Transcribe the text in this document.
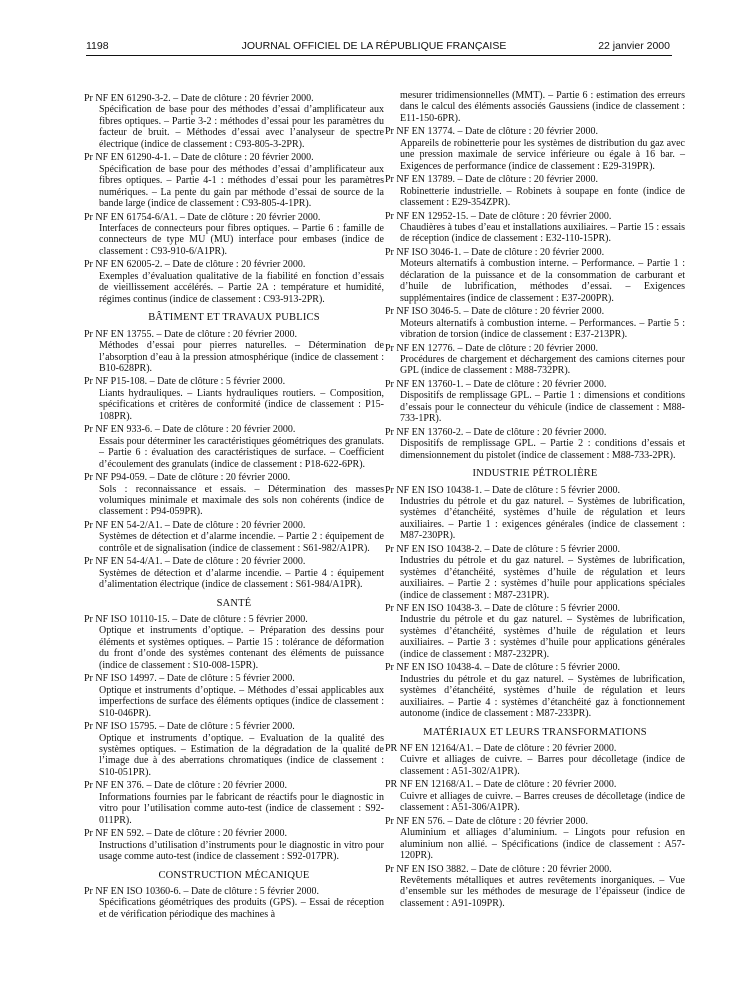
1198	JOURNAL OFFICIEL DE LA RÉPUBLIQUE FRANÇAISE	22 janvier 2000
Pr NF EN 61290-3-2. – Date de clôture : 20 février 2000.
Spécification de base pour des méthodes d’essai d’amplificateur aux fibres optiques. – Partie 3-2 : méthodes d’essai pour les paramètres du facteur de bruit. – Méthodes d’essai avec l’analyseur de spectre électrique (indice de classement : C93-805-3-2PR).
Pr NF EN 61290-4-1. – Date de clôture : 20 février 2000.
Spécification de base pour des méthodes d’essai d’amplificateur aux fibres optiques. – Partie 4-1 : méthodes d’essai pour les paramètres numériques. – La pente du gain par méthode d’essai de source de la bande large (indice de classement : C93-805-4-1PR).
Pr NF EN 61754-6/A1. – Date de clôture : 20 février 2000.
Interfaces de connecteurs pour fibres optiques. – Partie 6 : famille de connecteurs de type MU (MU) interface pour embases (indice de classement : C93-910-6/A1PR).
Pr NF EN 62005-2. – Date de clôture : 20 février 2000.
Exemples d’évaluation qualitative de la fiabilité en fonction d’essais de vieillissement accélérés. – Partie 2A : température et humidité, régimes continus (indice de classement : C93-913-2PR).
BÂTIMENT ET TRAVAUX PUBLICS
Pr NF EN 13755. – Date de clôture : 20 février 2000.
Méthodes d’essai pour pierres naturelles. – Détermination de l’absorption d’eau à la pression atmosphérique (indice de classement : B10-628PR).
Pr NF P15-108. – Date de clôture : 5 février 2000.
Liants hydrauliques. – Liants hydrauliques routiers. – Composition, spécifications et critères de conformité (indice de classement : P15-108PR).
Pr NF EN 933-6. – Date de clôture : 20 février 2000.
Essais pour déterminer les caractéristiques géométriques des granulats. – Partie 6 : évaluation des caractéristiques de surface. – Coefficient d’écoulement des granulats (indice de classement : P18-622-6PR).
Pr NF P94-059. – Date de clôture : 20 février 2000.
Sols : reconnaissance et essais. – Détermination des masses volumiques minimale et maximale des sols non cohérents (indice de classement : P94-059PR).
Pr NF EN 54-2/A1. – Date de clôture : 20 février 2000.
Systèmes de détection et d’alarme incendie. – Partie 2 : équipement de contrôle et de signalisation (indice de classement : S61-982/A1PR).
Pr NF EN 54-4/A1. – Date de clôture : 20 février 2000.
Systèmes de détection et d’alarme incendie. – Partie 4 : équipement d’alimentation électrique (indice de classement : S61-984/A1PR).
SANTÉ
Pr NF ISO 10110-15. – Date de clôture : 5 février 2000.
Optique et instruments d’optique. – Préparation des dessins pour éléments et systèmes optiques. – Partie 15 : tolérance de déformation du front d’onde des systèmes contenant des éléments de puissance (indice de classement : S10-008-15PR).
Pr NF ISO 14997. – Date de clôture : 5 février 2000.
Optique et instruments d’optique. – Méthodes d’essai applicables aux imperfections de surface des éléments optiques (indice de classement : S10-046PR).
Pr NF ISO 15795. – Date de clôture : 5 février 2000.
Optique et instruments d’optique. – Evaluation de la qualité des systèmes optiques. – Estimation de la dégradation de la qualité de l’image due à des aberrations chromatiques (indice de classement : S10-051PR).
Pr NF EN 376. – Date de clôture : 20 février 2000.
Informations fournies par le fabricant de réactifs pour le diagnostic in vitro pour l’utilisation comme auto-test (indice de classement : S92-011PR).
Pr NF EN 592. – Date de clôture : 20 février 2000.
Instructions d’utilisation d’instruments pour le diagnostic in vitro pour usage comme auto-test (indice de classement : S92-017PR).
CONSTRUCTION MÉCANIQUE
Pr NF EN ISO 10360-6. – Date de clôture : 5 février 2000.
Spécifications géométriques des produits (GPS). – Essai de réception et de vérification périodique des machines à
mesurer tridimensionnelles (MMT). – Partie 6 : estimation des erreurs dans le calcul des éléments associés Gaussiens (indice de classement : E11-150-6PR).
Pr NF EN 13774. – Date de clôture : 20 février 2000.
Appareils de robinetterie pour les systèmes de distribution du gaz avec une pression maximale de service inférieure ou égale à 16 bar. – Exigences de performance (indice de classement : E29-319PR).
Pr NF EN 13789. – Date de clôture : 20 février 2000.
Robinetterie industrielle. – Robinets à soupape en fonte (indice de classement : E29-354ZPR).
Pr NF EN 12952-15. – Date de clôture : 20 février 2000.
Chaudières à tubes d’eau et installations auxiliaires. – Partie 15 : essais de réception (indice de classement : E32-110-15PR).
Pr NF ISO 3046-1. – Date de clôture : 20 février 2000.
Moteurs alternatifs à combustion interne. – Performance. – Partie 1 : déclaration de la puissance et de la consommation de carburant et d’huile de lubrification, méthodes d’essai. – Exigences supplémentaires (indice de classement : E37-200PR).
Pr NF ISO 3046-5. – Date de clôture : 20 février 2000.
Moteurs alternatifs à combustion interne. – Performances. – Partie 5 : vibration de torsion (indice de classement : E37-213PR).
Pr NF EN 12776. – Date de clôture : 20 février 2000.
Procédures de chargement et déchargement des camions citernes pour GPL (indice de classement : M88-732PR).
Pr NF EN 13760-1. – Date de clôture : 20 février 2000.
Dispositifs de remplissage GPL. – Partie 1 : dimensions et conditions d’essais pour le connecteur du véhicule (indice de classement : M88-733-1PR).
Pr NF EN 13760-2. – Date de clôture : 20 février 2000.
Dispositifs de remplissage GPL. – Partie 2 : conditions d’essais et dimensionnement du pistolet (indice de classement : M88-733-2PR).
INDUSTRIE PÉTROLIÈRE
Pr NF EN ISO 10438-1. – Date de clôture : 5 février 2000.
Industries du pétrole et du gaz naturel. – Systèmes de lubrification, systèmes d’étanchéité, systèmes d’huile de régulation et leurs auxiliaires. – Partie 1 : exigences générales (indice de classement : M87-230PR).
Pr NF EN ISO 10438-2. – Date de clôture : 5 février 2000.
Industries du pétrole et du gaz naturel. – Systèmes de lubrification, systèmes d’étanchéité, systèmes d’huile de régulation et leurs auxiliaires. – Partie 2 : systèmes d’huile pour applications spéciales (indice de classement : M87-231PR).
Pr NF EN ISO 10438-3. – Date de clôture : 5 février 2000.
Industrie du pétrole et du gaz naturel. – Systèmes de lubrification, systèmes d’étanchéité, systèmes d’huile de régulation et leurs auxiliaires. – Partie 3 : systèmes d’huile pour applications générales (indice de classement : M87-232PR).
Pr NF EN ISO 10438-4. – Date de clôture : 5 février 2000.
Industries du pétrole et du gaz naturel. – Systèmes de lubrification, systèmes d’étanchéité, systèmes d’huile de régulation et leurs auxiliaires. – Partie 4 : systèmes d’étanchéité gaz à fonctionnement autonome (indice de classement : M87-233PR).
MATÉRIAUX ET LEURS TRANSFORMATIONS
PR NF EN 12164/A1. – Date de clôture : 20 février 2000.
Cuivre et alliages de cuivre. – Barres pour décolletage (indice de classement : A51-302/A1PR).
PR NF EN 12168/A1. – Date de clôture : 20 février 2000.
Cuivre et alliages de cuivre. – Barres creuses de décolletage (indice de classement : A51-306/A1PR).
Pr NF EN 576. – Date de clôture : 20 février 2000.
Aluminium et alliages d’aluminium. – Lingots pour refusion en aluminium non allié. – Spécifications (indice de classement : A57-120PR).
Pr NF EN ISO 3882. – Date de clôture : 20 février 2000.
Revêtements métalliques et autres revêtements inorganiques. – Vue d’ensemble sur les méthodes de mesurage de l’épaisseur (indice de classement : A91-109PR).
